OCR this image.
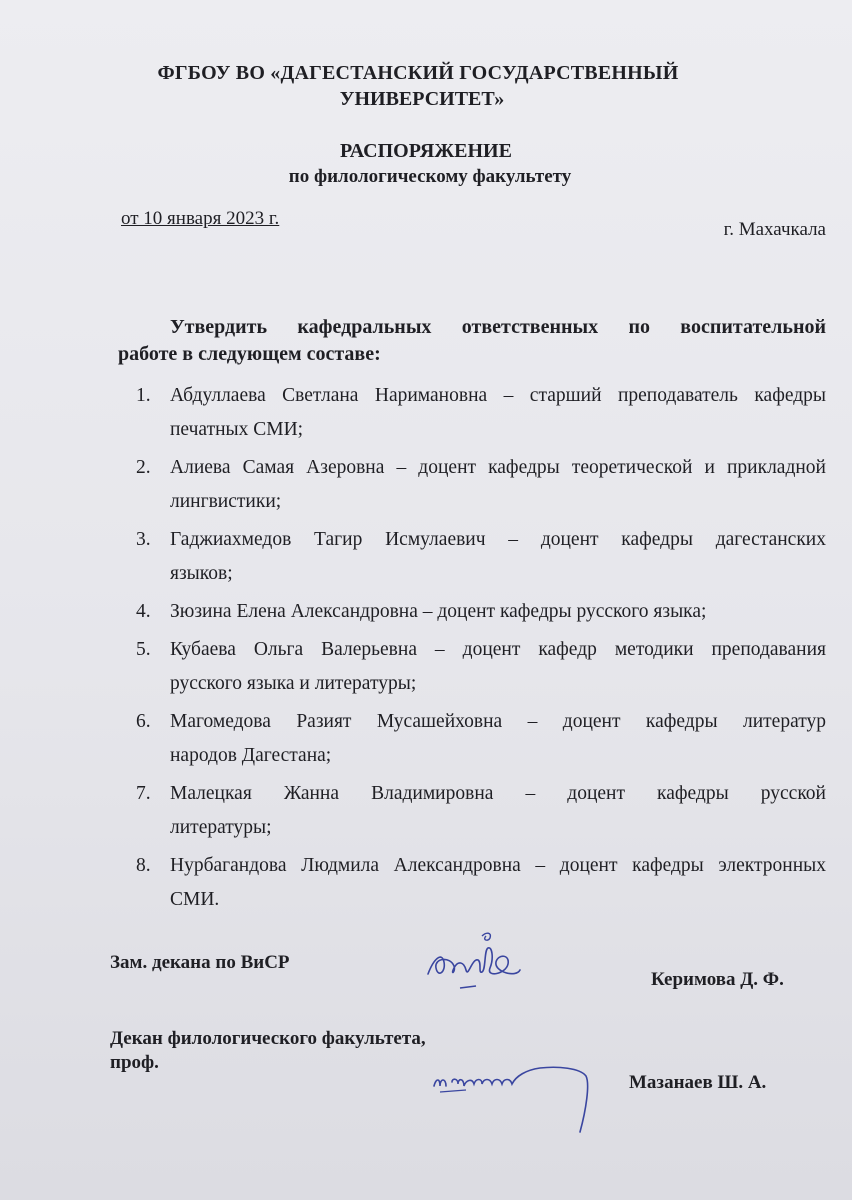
ФГБОУ ВО «ДАГЕСТАНСКИЙ ГОСУДАРСТВЕННЫЙ
УНИВЕРСИТЕТ»
РАСПОРЯЖЕНИЕ
по филологическому факультету
от 10 января 2023 г.
г. Махачкала
Утвердить кафедральных ответственных по воспитательной
работе в следующем составе:
1. Абдуллаева Светлана Наримановна – старший преподаватель кафедры
печатных СМИ;
2. Алиева Самая Азеровна – доцент кафедры теоретической и прикладной
лингвистики;
3. Гаджиахмедов Тагир Исмулаевич – доцент кафедры дагестанских
языков;
4. Зюзина Елена Александровна – доцент кафедры русского языка;
5. Кубаева Ольга Валерьевна – доцент кафедр методики преподавания
русского языка и литературы;
6. Магомедова Разият Мусашейховна – доцент кафедры литератур
народов Дагестана;
7. Малецкая Жанна Владимировна – доцент кафедры русской
литературы;
8. Нурбагандова Людмила Александровна – доцент кафедры электронных
СМИ.
Зам. декана по ВиСР
Керимова Д. Ф.
Декан филологического факультета,
проф.
Мазанаев Ш. А.
